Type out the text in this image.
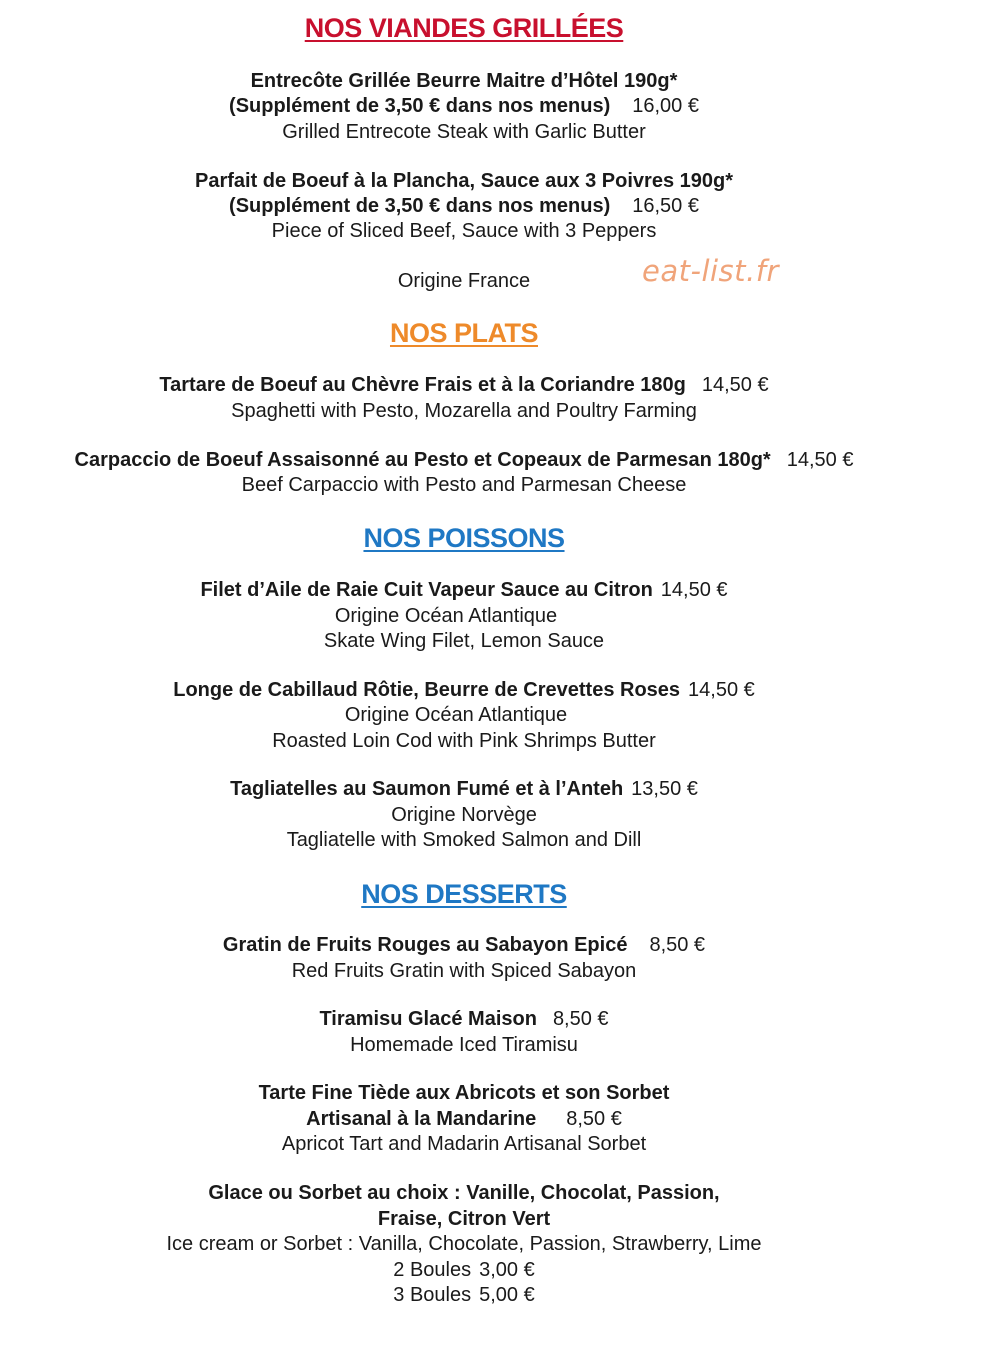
NOS VIANDES GRILLÉES
Entrecôte Grillée Beurre Maitre d’Hôtel 190g*
(Supplément de 3,50 € dans nos menus) 16,00 €
Grilled Entrecote Steak with Garlic Butter
Parfait de Boeuf à la Plancha, Sauce aux 3 Poivres 190g*
(Supplément de 3,50 € dans nos menus) 16,50 €
Piece of Sliced Beef, Sauce with 3 Peppers
Origine France	eat-list.fr
NOS PLATS
Tartare de Boeuf au Chèvre Frais et à la Coriandre 180g 14,50 €
Spaghetti with Pesto, Mozarella and Poultry Farming
Carpaccio de Boeuf Assaisonné au Pesto et Copeaux de Parmesan 180g* 14,50 €
Beef Carpaccio with Pesto and Parmesan Cheese
NOS POISSONS
Filet d’Aile de Raie Cuit Vapeur Sauce au Citron 14,50 €
Origine Océan Atlantique
Skate Wing Filet, Lemon Sauce
Longe de Cabillaud Rôtie, Beurre de Crevettes Roses 14,50 €
Origine Océan Atlantique
Roasted Loin Cod with Pink Shrimps Butter
Tagliatelles au Saumon Fumé et à l’Anteh 13,50 €
Origine Norvège
Tagliatelle with Smoked Salmon and Dill
NOS DESSERTS
Gratin de Fruits Rouges au Sabayon Epicé 8,50 €
Red Fruits Gratin with Spiced Sabayon
Tiramisu Glacé Maison 8,50 €
Homemade Iced Tiramisu
Tarte Fine Tiède aux Abricots et son Sorbet
Artisanal à la Mandarine 8,50 €
Apricot Tart and Madarin Artisanal Sorbet
Glace ou Sorbet au choix : Vanille, Chocolat, Passion,
Fraise, Citron Vert
Ice cream or Sorbet : Vanilla, Chocolate, Passion, Strawberry, Lime
2 Boules 3,00 €
3 Boules 5,00 €
